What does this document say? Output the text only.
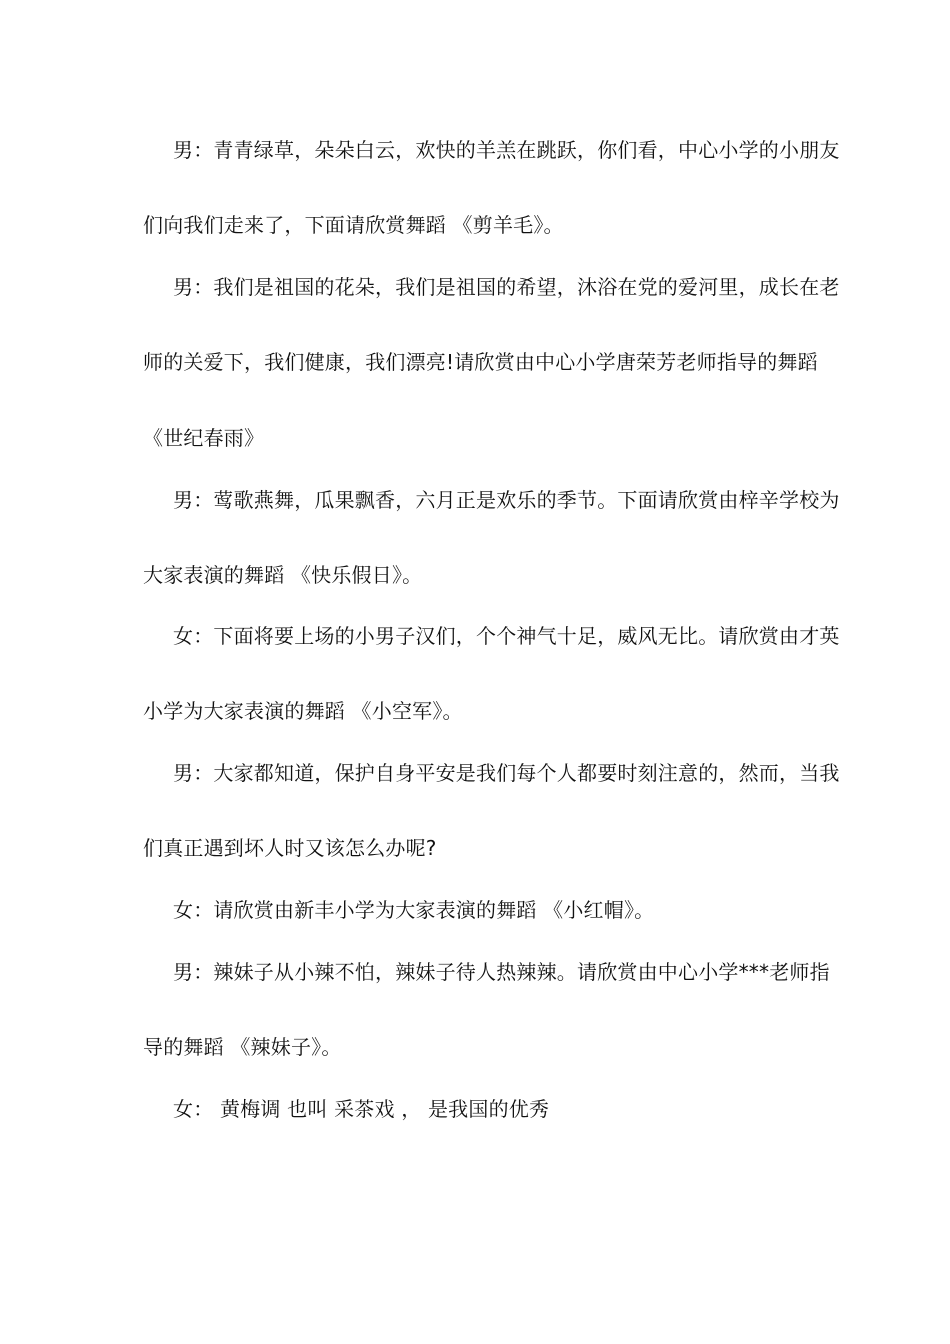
男：青青绿草，朵朵白云，欢快的羊羔在跳跃，你们看，中心小学的小朋友
们向我们走来了，下面请欣赏舞蹈 《剪羊毛》。
男：我们是祖国的花朵，我们是祖国的希望，沐浴在党的爱河里，成长在老
师的关爱下，我们健康，我们漂亮!请欣赏由中心小学唐荣芳老师指导的舞蹈
《世纪春雨》
男：莺歌燕舞，瓜果飘香，六月正是欢乐的季节。下面请欣赏由梓辛学校为
大家表演的舞蹈 《快乐假日》。
女：下面将要上场的小男子汉们，个个神气十足，威风无比。请欣赏由才英
小学为大家表演的舞蹈 《小空军》。
男：大家都知道，保护自身平安是我们每个人都要时刻注意的，然而，当我
们真正遇到坏人时又该怎么办呢?
女：请欣赏由新丰小学为大家表演的舞蹈 《小红帽》。
男：辣妹子从小辣不怕，辣妹子待人热辣辣。请欣赏由中心小学***老师指
导的舞蹈 《辣妹子》。
女： 黄梅调 也叫 采茶戏 ， 是我国的优秀
